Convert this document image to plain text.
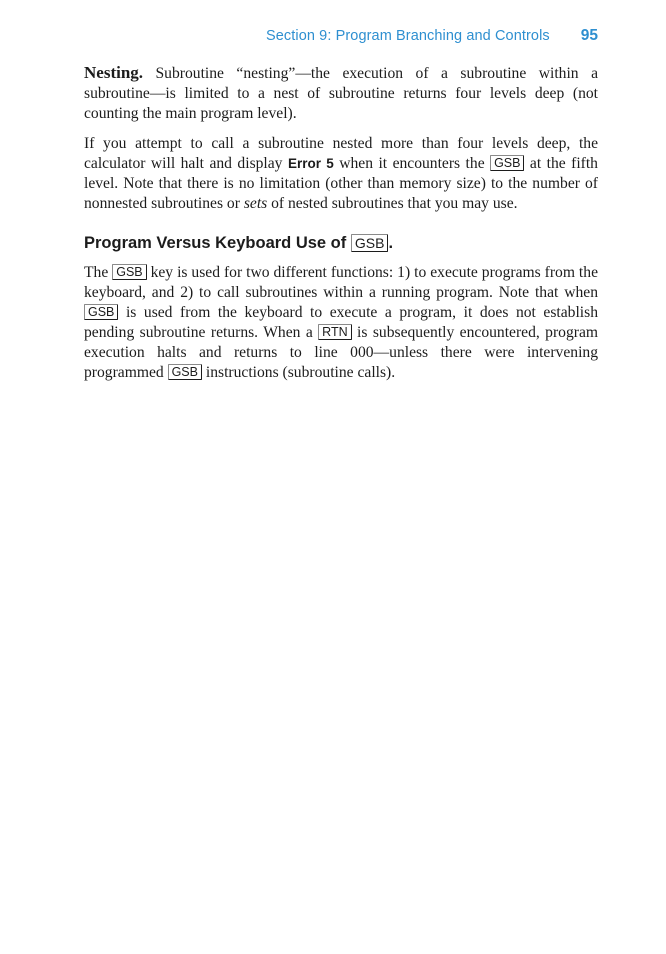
Section 9: Program Branching and Controls 95

Nesting. Subroutine “nesting”—the execution of a subroutine within a subroutine—is limited to a nest of subroutine returns four levels deep (not counting the main program level).

If you attempt to call a subroutine nested more than four levels deep, the calculator will halt and display Error 5 when it encounters the GSB at the fifth level. Note that there is no limitation (other than memory size) to the number of nonnested subroutines or sets of nested subroutines that you may use.

Program Versus Keyboard Use of GSB .

The GSB key is used for two different functions: 1) to execute programs from the keyboard, and 2) to call subroutines within a running program. Note that when GSB is used from the keyboard to execute a program, it does not establish pending subroutine returns. When a RTN is subsequently encountered, program execution halts and returns to line 000—unless there were intervening programmed GSB instructions (subroutine calls).
